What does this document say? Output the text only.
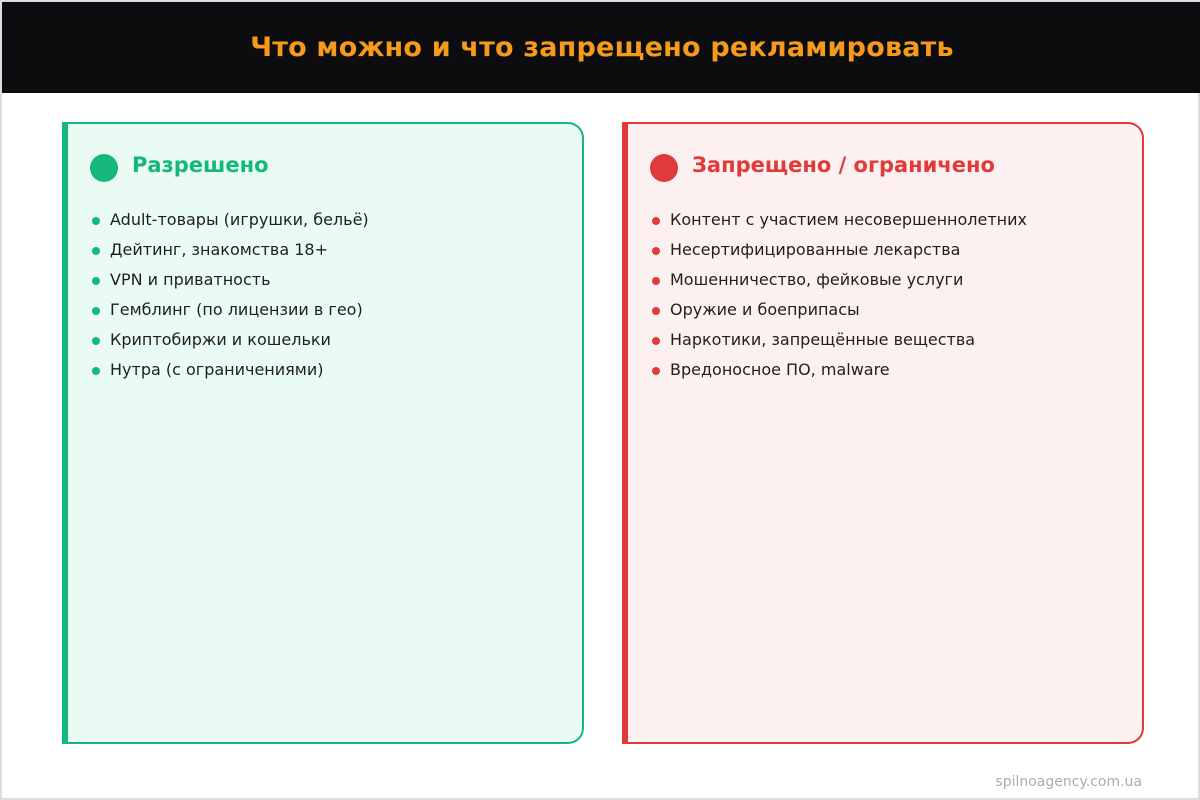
Что можно и что запрещено рекламировать
Разрешено
Adult-товары (игрушки, бельё)
Дейтинг, знакомства 18+
VPN и приватность
Гемблинг (по лицензии в гео)
Криптобиржи и кошельки
Нутра (с ограничениями)
Запрещено / ограничено
Контент с участием несовершеннолетних
Несертифицированные лекарства
Мошенничество, фейковые услуги
Оружие и боеприпасы
Наркотики, запрещённые вещества
Вредоносное ПО, malware
spilnoagency.com.ua
